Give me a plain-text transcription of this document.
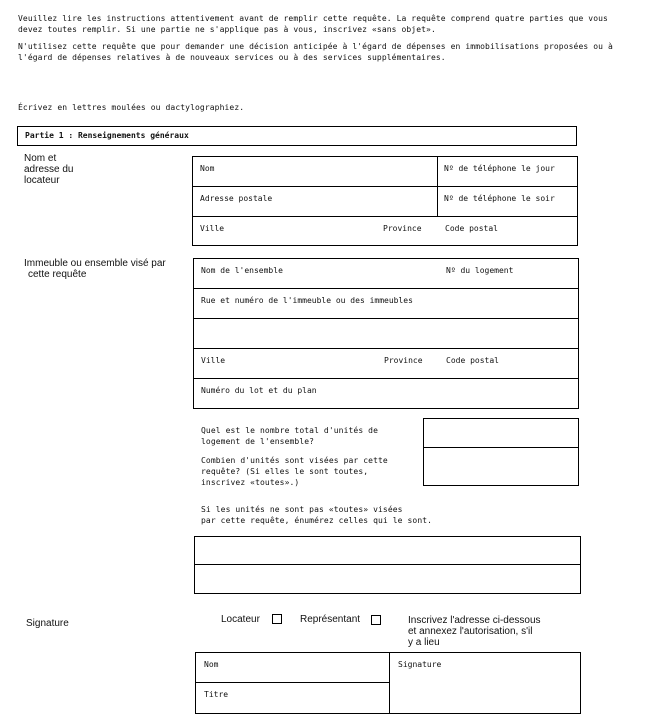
Veuillez lire les instructions attentivement avant de remplir cette requête. La requête comprend quatre parties que vous
devez toutes remplir. Si une partie ne s'applique pas à vous, inscrivez «sans objet».
N'utilisez cette requête que pour demander une décision anticipée à l'égard de dépenses en immobilisations proposées ou à
l'égard de dépenses relatives à de nouveaux services ou à des services supplémentaires.
Écrivez en lettres moulées ou dactylographiez.
Partie 1 : Renseignements généraux
Nom et
adresse du
locateur
Nom	Nº de téléphone le jour
Adresse postale	Nº de téléphone le soir
Ville	Province	Code postal
Immeuble ou ensemble visé par
cette requête	Nom de l'ensemble	Nº du logement
Rue et numéro de l'immeuble ou des immeubles
Ville	Province	Code postal
Numéro du lot et du plan
Quel est le nombre total d'unités de
logement de l'ensemble?
Combien d'unités sont visées par cette
requête? (Si elles le sont toutes,
inscrivez «toutes».)
Si les unités ne sont pas «toutes» visées
par cette requête, énumérez celles qui le sont.
Signature	Locateur	Représentant	Inscrivez l'adresse ci-dessous
et annexez l'autorisation, s'il
y a lieu
Nom
Titre
Signature
